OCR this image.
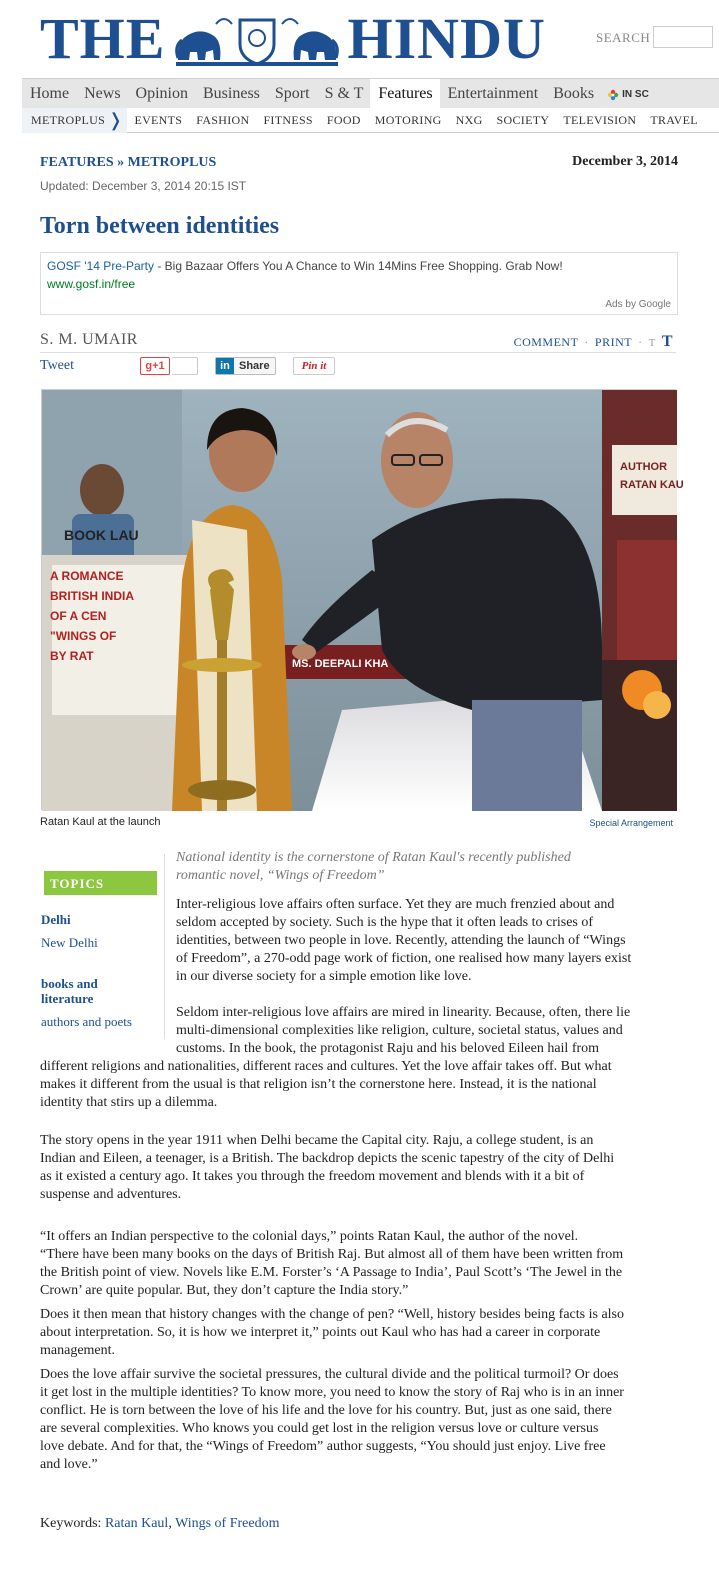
THE	HINDU	SEARCH
Home News Opinion Business Sport S & T Features Entertainment Books	IN SC
METROPLUS ❭ EVENTS	FASHION	FITNESS	FOOD	MOTORING	NXG	SOCIETY	TELEVISION	TRAVEL
FEATURES » METROPLUS	December 3, 2014
Updated: December 3, 2014 20:15 IST
Torn between identities
GOSF '14 Pre-Party - Big Bazaar Offers You A Chance to Win 14Mins Free Shopping. Grab Now!
www.gosf.in/free
Ads by Google
S. M. UMAIR	COMMENT · PRINT · T T
Tweet	g+1	in Share	Pin it
BOOK LAU
A ROMANCE
BRITISH INDIA
OF A CEN
"WINGS OF
BY RAT
AUTHOR
RATAN KAU
MS. DEEPALI KHA
Ratan Kaul at the launch	Special Arrangement
TOPICS
Delhi
New Delhi
books and
literature
authors and poets
National identity is the cornerstone of Ratan Kaul's recently published
romantic novel, “Wings of Freedom”
Inter-religious love affairs often surface. Yet they are much frenzied about and
seldom accepted by society. Such is the hype that it often leads to crises of
identities, between two people in love. Recently, attending the launch of “Wings
of Freedom”, a 270-odd page work of fiction, one realised how many layers exist
in our diverse society for a simple emotion like love.
Seldom inter-religious love affairs are mired in linearity. Because, often, there lie
multi-dimensional complexities like religion, culture, societal status, values and
customs. In the book, the protagonist Raju and his beloved Eileen hail from
different religions and nationalities, different races and cultures. Yet the love affair takes off. But what
makes it different from the usual is that religion isn’t the cornerstone here. Instead, it is the national
identity that stirs up a dilemma.
The story opens in the year 1911 when Delhi became the Capital city. Raju, a college student, is an
Indian and Eileen, a teenager, is a British. The backdrop depicts the scenic tapestry of the city of Delhi
as it existed a century ago. It takes you through the freedom movement and blends with it a bit of
suspense and adventures.
“It offers an Indian perspective to the colonial days,” points Ratan Kaul, the author of the novel.
“There have been many books on the days of British Raj. But almost all of them have been written from
the British point of view. Novels like E.M. Forster’s ‘A Passage to India’, Paul Scott’s ‘The Jewel in the
Crown’ are quite popular. But, they don’t capture the India story.”
Does it then mean that history changes with the change of pen? “Well, history besides being facts is also
about interpretation. So, it is how we interpret it,” points out Kaul who has had a career in corporate
management.
Does the love affair survive the societal pressures, the cultural divide and the political turmoil? Or does
it get lost in the multiple identities? To know more, you need to know the story of Raj who is in an inner
conflict. He is torn between the love of his life and the love for his country. But, just as one said, there
are several complexities. Who knows you could get lost in the religion versus love or culture versus
love debate. And for that, the “Wings of Freedom” author suggests, “You should just enjoy. Live free
and love.”
Keywords: Ratan Kaul, Wings of Freedom
